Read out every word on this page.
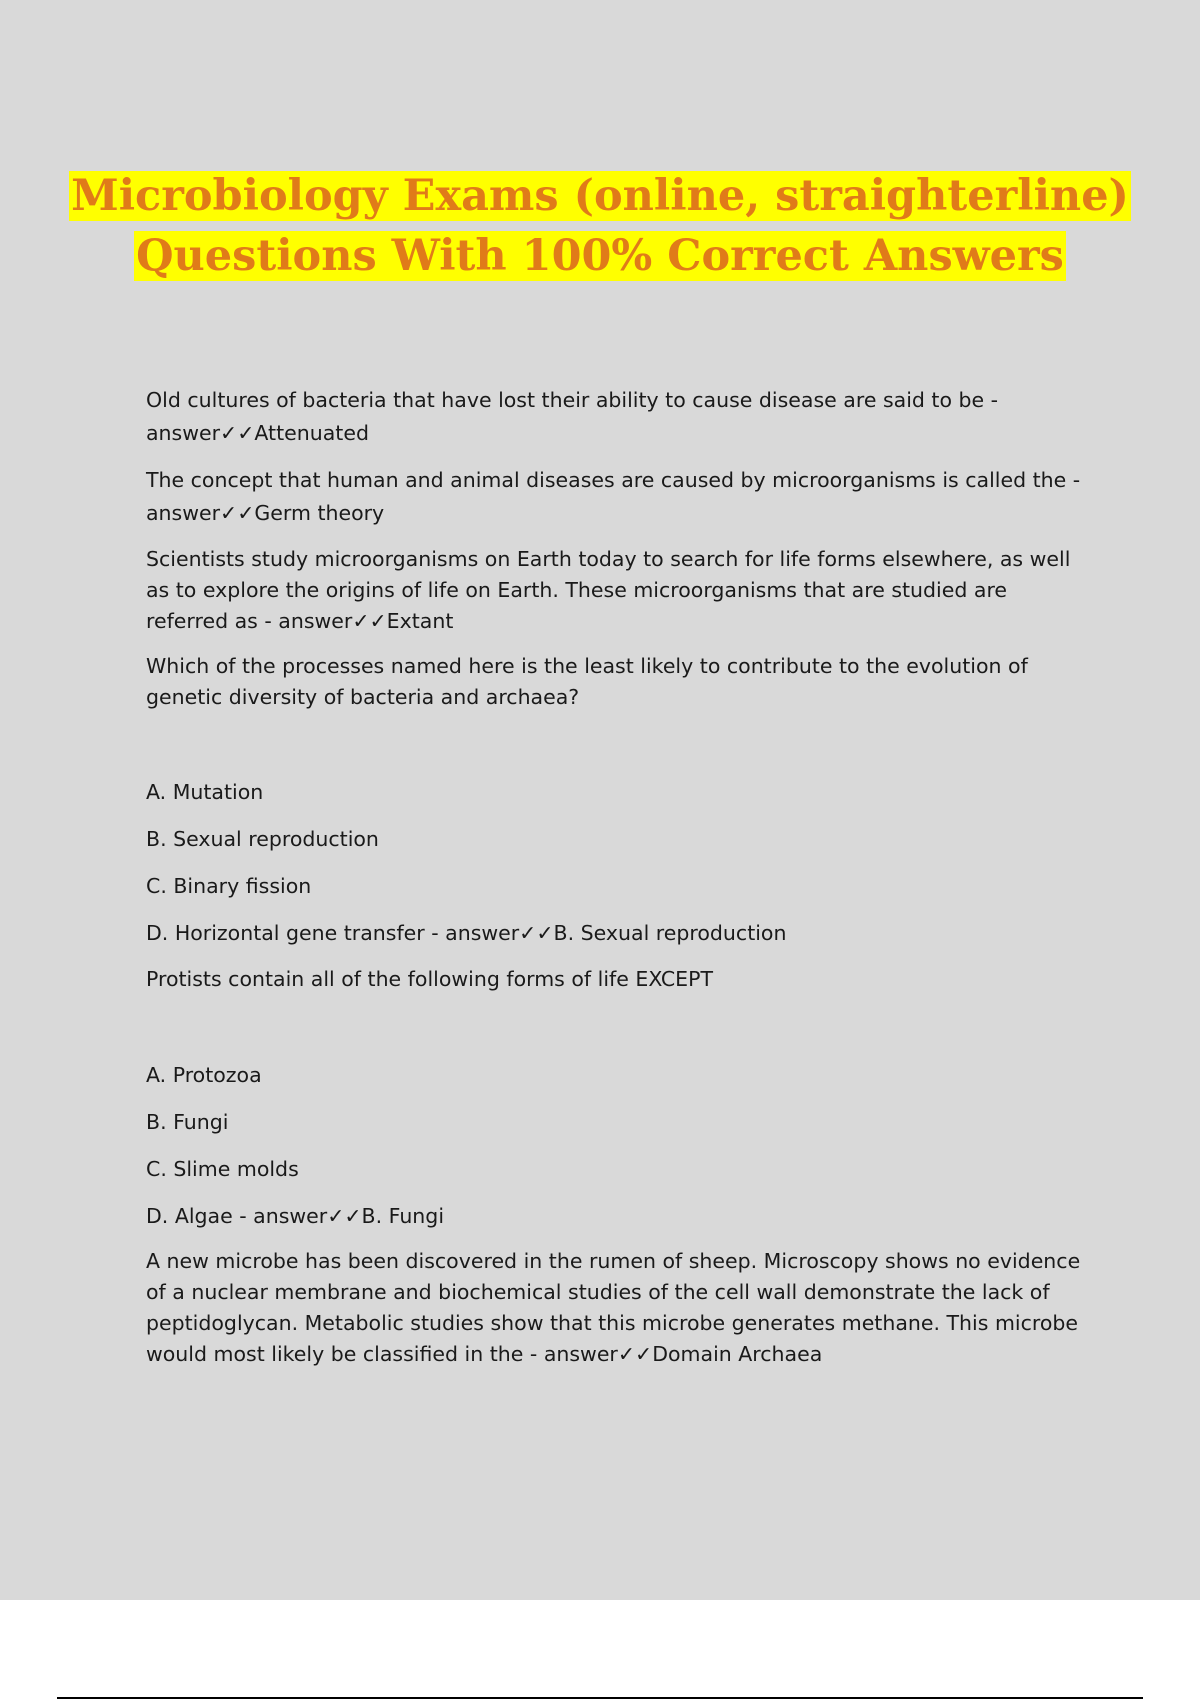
Microbiology Exams (online, straighterline)
Questions With 100% Correct Answers

Old cultures of bacteria that have lost their ability to cause disease are said to be - answer✓✓Attenuated

The concept that human and animal diseases are caused by microorganisms is called the - answer✓✓Germ theory

Scientists study microorganisms on Earth today to search for life forms elsewhere, as well as to explore the origins of life on Earth. These microorganisms that are studied are referred as - answer✓✓Extant

Which of the processes named here is the least likely to contribute to the evolution of genetic diversity of bacteria and archaea?

A. Mutation

B. Sexual reproduction

C. Binary fission

D. Horizontal gene transfer - answer✓✓B. Sexual reproduction

Protists contain all of the following forms of life EXCEPT

A. Protozoa

B. Fungi

C. Slime molds

D. Algae - answer✓✓B. Fungi

A new microbe has been discovered in the rumen of sheep. Microscopy shows no evidence of a nuclear membrane and biochemical studies of the cell wall demonstrate the lack of peptidoglycan. Metabolic studies show that this microbe generates methane. This microbe would most likely be classified in the - answer✓✓Domain Archaea
